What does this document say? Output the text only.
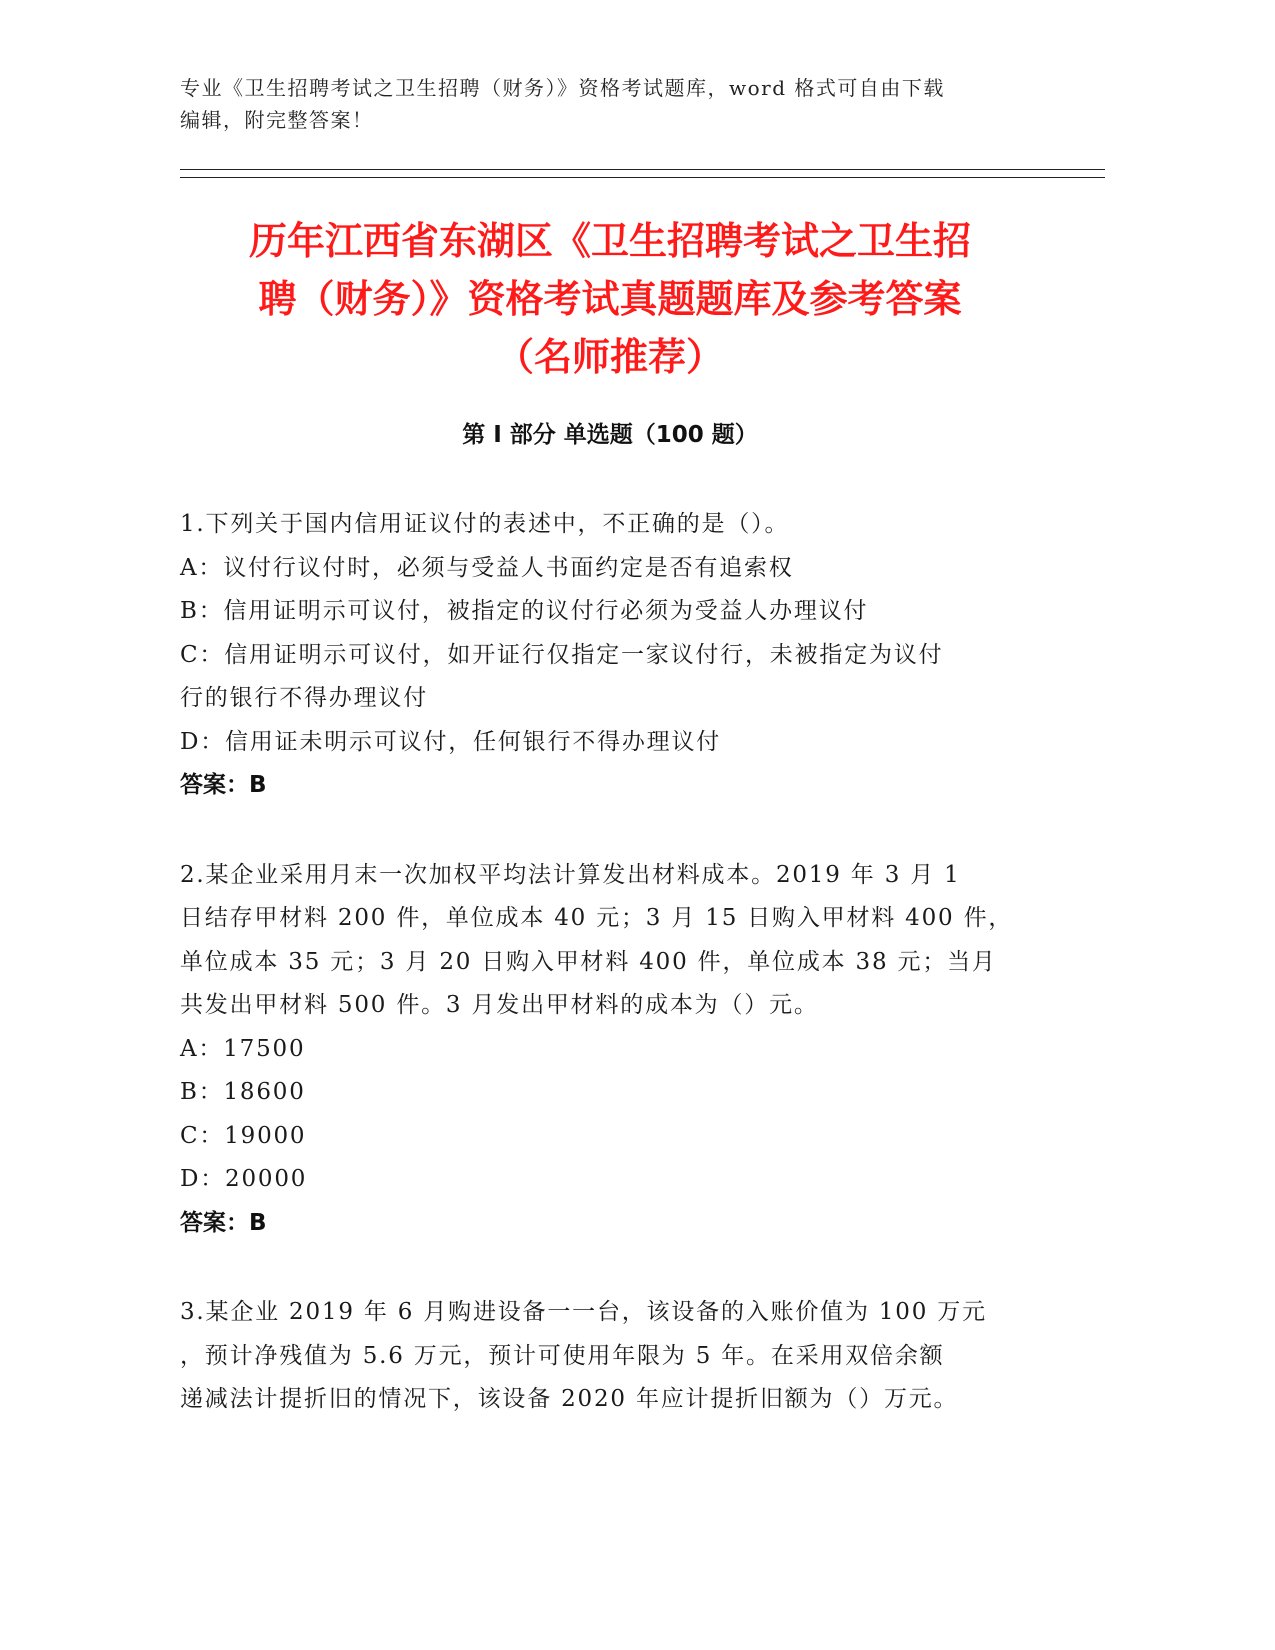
专业《卫生招聘考试之卫生招聘（财务）》资格考试题库，word 格式可自由下载
编辑，附完整答案！
历年江西省东湖区《卫生招聘考试之卫生招
聘（财务）》资格考试真题题库及参考答案
（名师推荐）
第 I 部分 单选题（100 题）

1.下列关于国内信用证议付的表述中，不正确的是（）。

A：议付行议付时，必须与受益人书面约定是否有追索权

B：信用证明示可议付，被指定的议付行必须为受益人办理议付

C：信用证明示可议付，如开证行仅指定一家议付行，未被指定为议付

行的银行不得办理议付

D：信用证未明示可议付，任何银行不得办理议付

答案：B

2.某企业采用月末一次加权平均法计算发出材料成本。2019 年 3 月 1

日结存甲材料 200 件，单位成本 40 元；3 月 15 日购入甲材料 400 件，

单位成本 35 元；3 月 20 日购入甲材料 400 件，单位成本 38 元；当月

共发出甲材料 500 件。3 月发出甲材料的成本为（）元。

A：17500

B：18600

C：19000

D：20000

答案：B

3.某企业 2019 年 6 月购进设备一一台，该设备的入账价值为 100 万元

，预计净残值为 5.6 万元，预计可使用年限为 5 年。在采用双倍余额

递减法计提折旧的情况下，该设备 2020 年应计提折旧额为（）万元。
